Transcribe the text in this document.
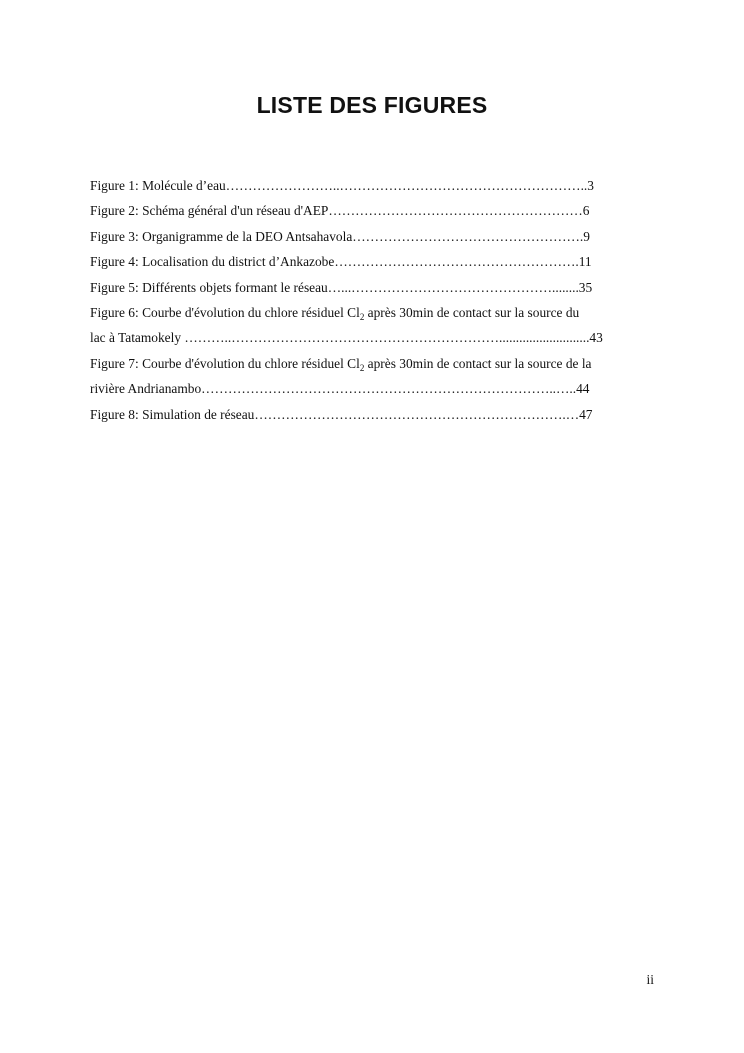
LISTE DES FIGURES
Figure 1: Molécule d’eau……………………..………………………………………………..3
Figure 2: Schéma général d'un réseau d'AEP…………………………………………………6
Figure 3: Organigramme de la DEO Antsahavola…………………………………………….9
Figure 4: Localisation du district d’Ankazobe……………………………………………….11
Figure 5: Différents objets formant le réseau…...………………………………………........35
Figure 6: Courbe d'évolution du chlore résiduel $Cl_2$ après 30min de contact sur la source du
lac à Tatamokely ………..……………………………………………………...........................43
Figure 7: Courbe d'évolution du chlore résiduel $Cl_2$ après 30min de contact sur la source de la
rivière Andrianambo……………………………………………………………………..…..44
Figure 8: Simulation de réseau…………………………………………………………….…47
ii
